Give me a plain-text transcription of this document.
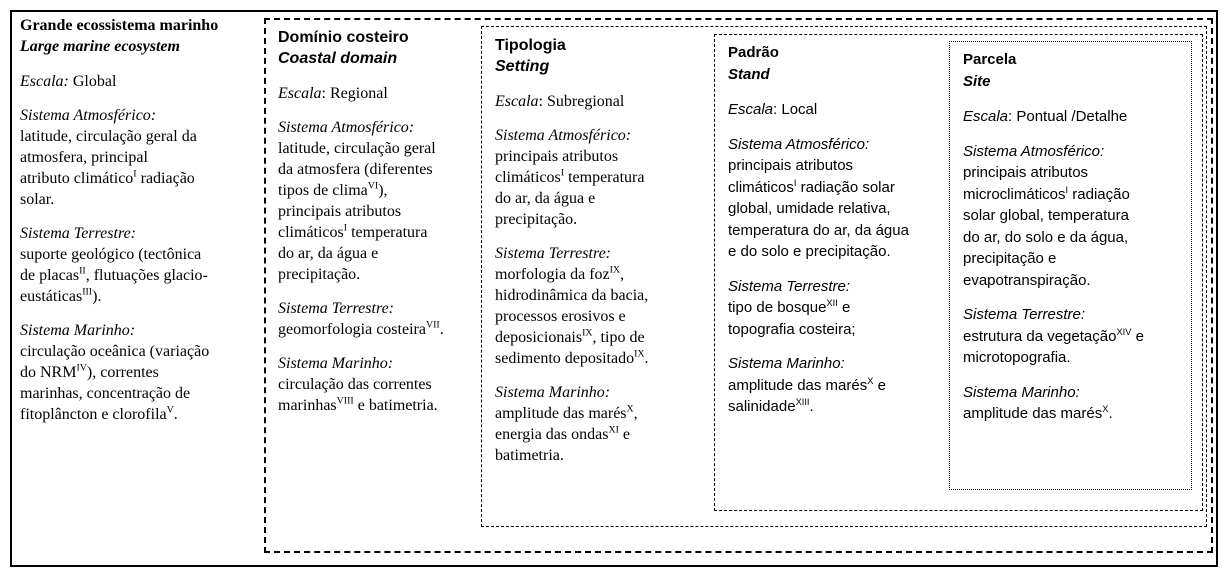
Grande ecossistema marinho

Large marine ecosystem

Escala: Global

Sistema Atmosférico:

latitude, circulação geral da
atmosfera, principal
atributo climático$^I$ radiação
solar.

Sistema Terrestre:

suporte geológico (tectônica
de placas$^{II}$, flutuações glacio-
eustáticas$^{III}$).

Sistema Marinho:

circulação oceânica (variação
do $NRM^{IV}$), correntes
marinhas, concentração de
fitoplâncton e clorofila$^V$.

Domínio costeiro

Coastal domain

Escala: Regional

Sistema Atmosférico:

latitude, circulação geral
da atmosfera (diferentes
tipos de clima$^{VI}$),
principais atributos
climáticos$^I$ temperatura
do ar, da água e
precipitação.

Sistema Terrestre:

geomorfologia costeira$^{VII}$.

Sistema Marinho:

circulação das correntes
marinhas$^{VIII}$ e batimetria.

Tipologia

Setting

Escala: Subregional

Sistema Atmosférico:

principais atributos
climáticos$^I$ temperatura
do ar, da água e
precipitação.

Sistema Terrestre:

morfologia da foz$^{IX}$,
hidrodinâmica da bacia,
processos erosivos e
deposicionais$^{IX}$, tipo de
sedimento depositado$^{IX}$.

Sistema Marinho:

amplitude das marés$^X$,
energia das ondas$^{XI}$ e
batimetria.

Padrão

Stand

Escala: Local

Sistema Atmosférico:

principais atributos
climáticos$^I$ radiação solar
global, umidade relativa,
temperatura do ar, da água
e do solo e precipitação.

Sistema Terrestre:

tipo de bosque$^{XII}$ e
topografia costeira;

Sistema Marinho:

amplitude das marés$^X$ e
salinidade$^{XIII}$.

Parcela

Site

Escala: Pontual /Detalhe

Sistema Atmosférico:

principais atributos
microclimáticos$^I$ radiação
solar global, temperatura
do ar, do solo e da água,
precipitação e
evapotranspiração.

Sistema Terrestre:

estrutura da vegetação$^{XIV}$ e
microtopografia.

Sistema Marinho:

amplitude das marés$^X$.
